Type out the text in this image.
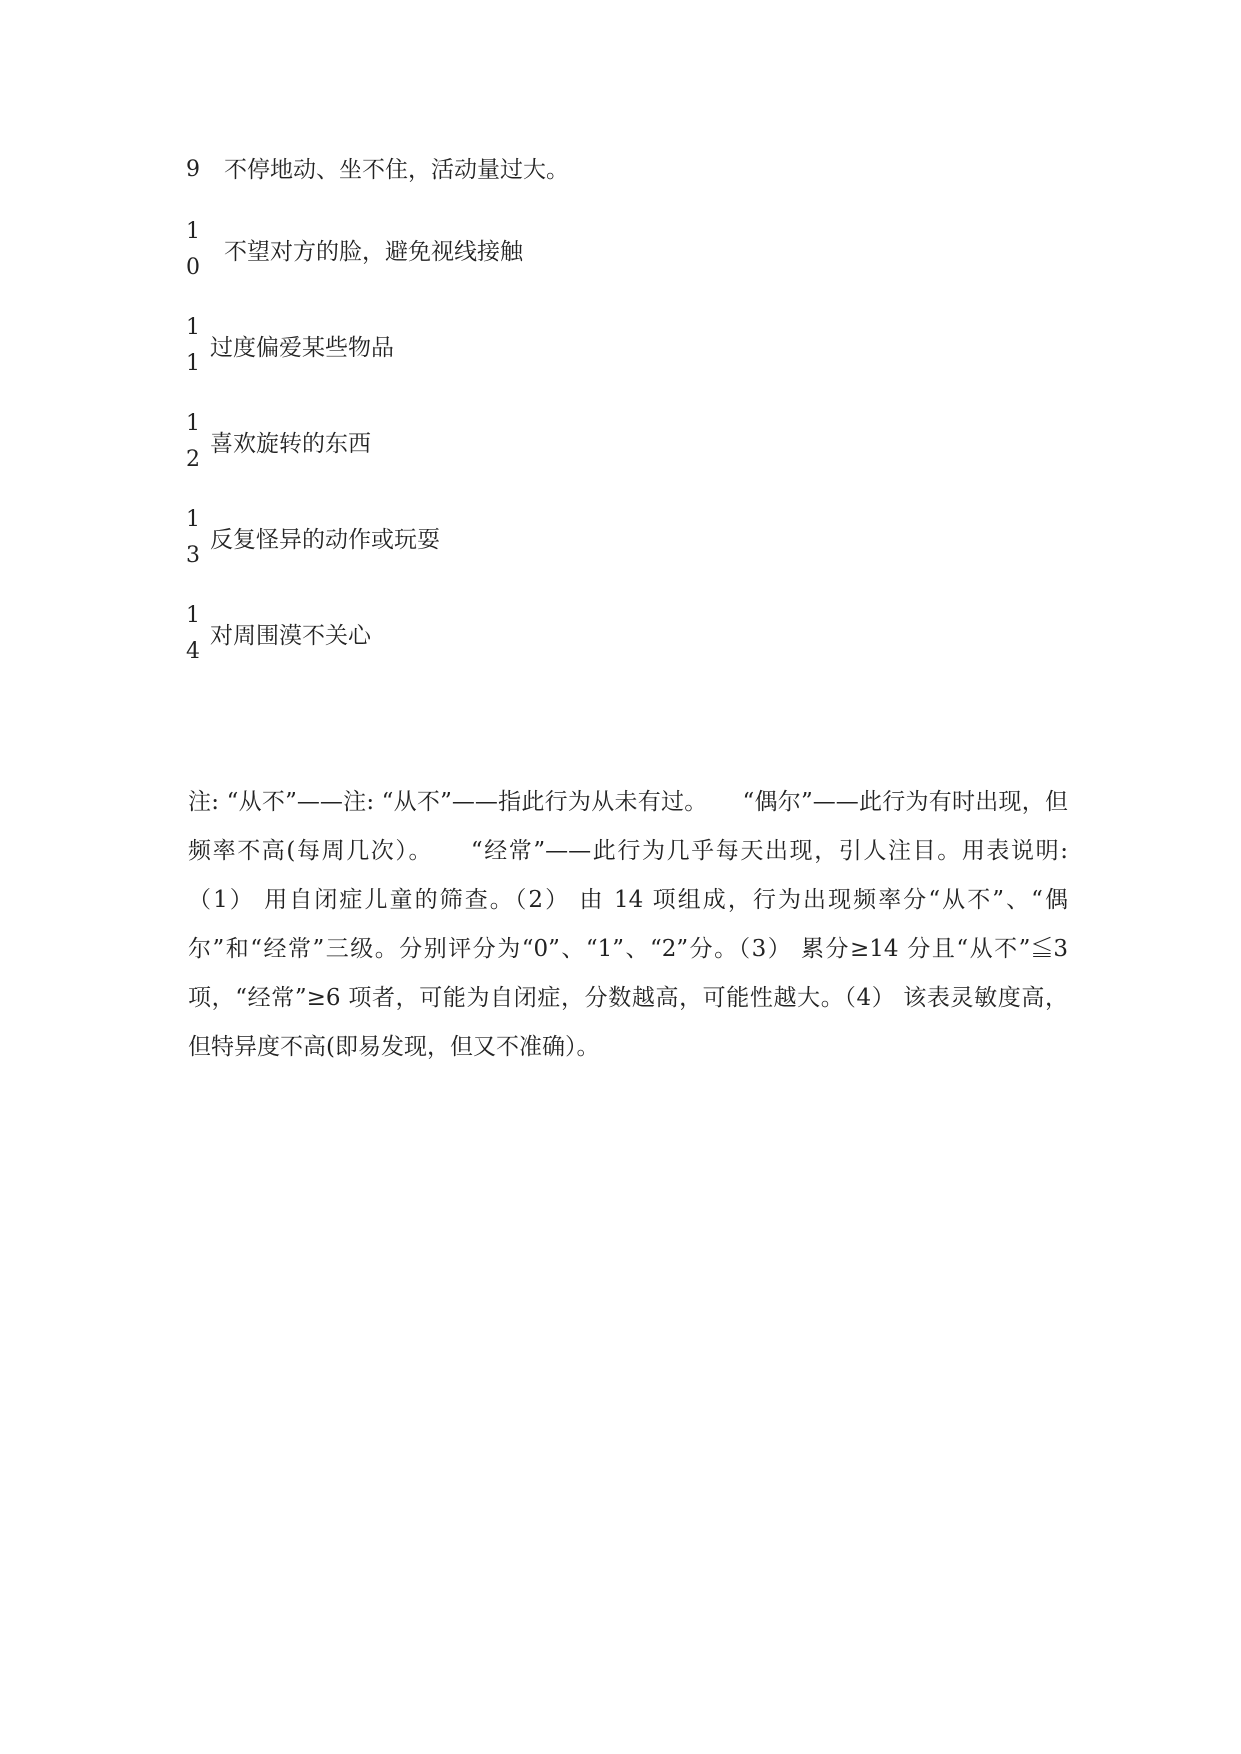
9	不停地动、坐不住，活动量过大。
10
不望对方的脸，避免视线接触
11
过度偏爱某些物品
12
喜欢旋转的东西
13
反复怪异的动作或玩耍
14
对周围漠不关心

注: “从不”——注: “从不”——指此行为从未有过。　　“偶尔”——此行为有时出现，但频率不高(每周几次）。　　“经常”——此行为几乎每天出现，引人注目。用表说明: （1） 用自闭症儿童的筛查。（2） 由 14 项组成，行为出现频率分“从不”、“偶尔”和“经常”三级。分别评分为“0”、“1”、“2”分。（3） 累分≥14 分且“从不”≦3 项，“经常”≥6 项者，可能为自闭症，分数越高，可能性越大。（4） 该表灵敏度高，但特异度不高(即易发现，但又不准确）。
